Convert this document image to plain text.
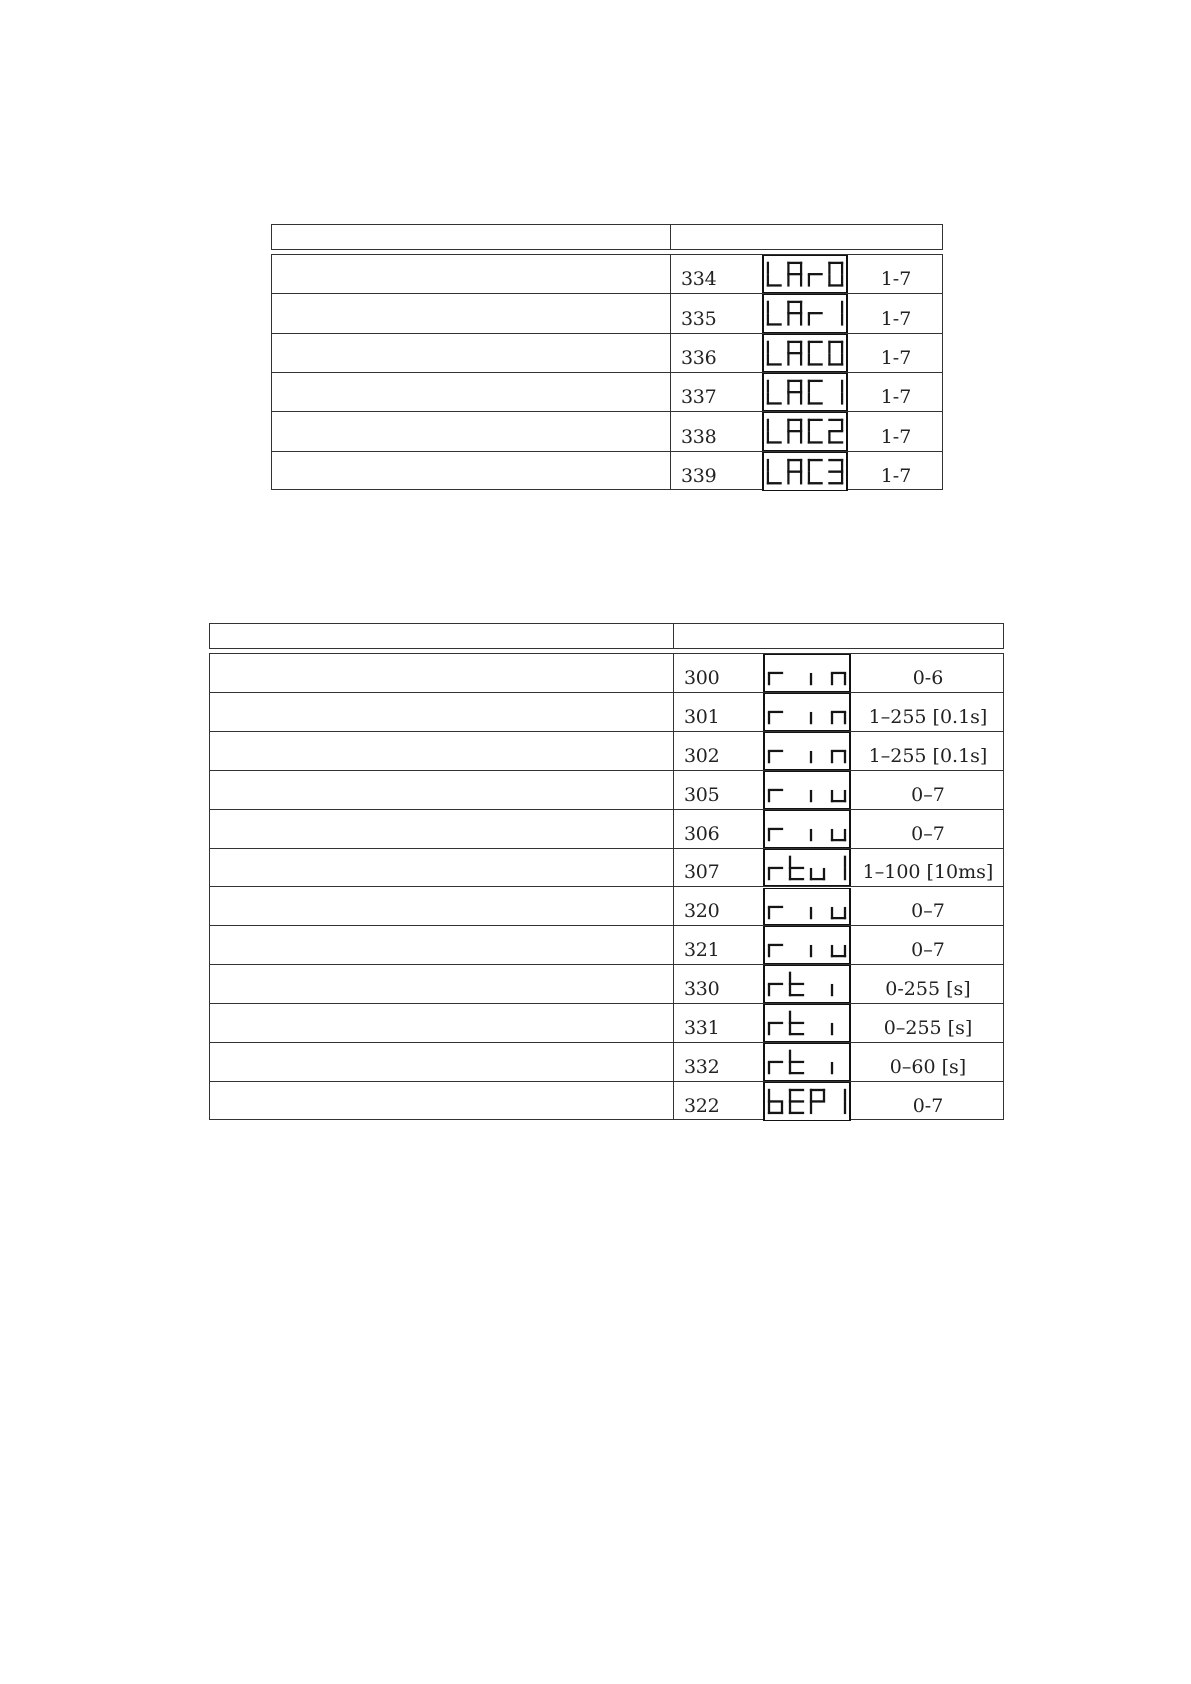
334	1-7
335	1-7
336	1-7
337	1-7
338	1-7
339	1-7
300	0-6
301	1–255 [0.1s]
302	1–255 [0.1s]
305	0–7
306	0–7
307	1–100 [10ms]
320	0–7
321	0–7
330	0-255 [s]
331	0–255 [s]
332	0–60 [s]
322	0-7
